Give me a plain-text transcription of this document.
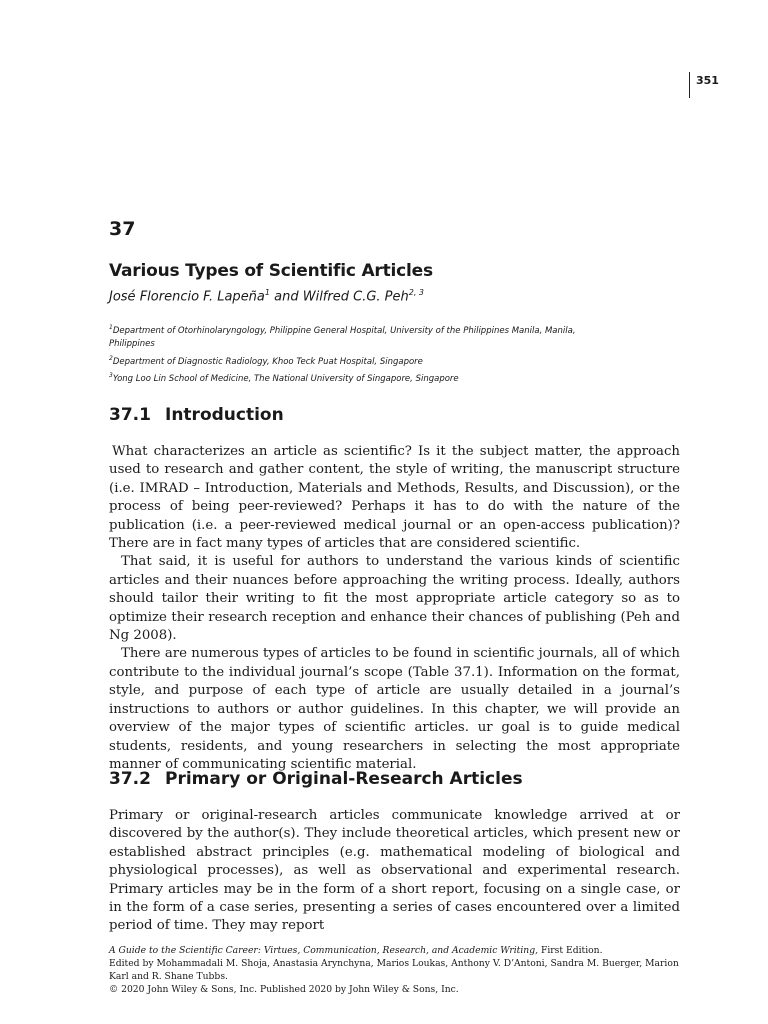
351
37
Various Types of Scientific Articles
José Florencio F. Lapeña$^1$ and Wilfred C.G. Peh$^{2, 3}$
$^1$Department of Otorhinolaryngology, Philippine General Hospital, University of the Philippines Manila, Manila, Philippines
$^2$Department of Diagnostic Radiology, Khoo Teck Puat Hospital, Singapore
$^3$Yong Loo Lin School of Medicine, The National University of Singapore, Singapore
37.1 Introduction

What characterizes an article as scientific? Is it the subject matter, the approach used to research and gather content, the style of writing, the manuscript structure (i.e. IMRAD – Introduction, Materials and Methods, Results, and Discussion), or the process of being peer-reviewed? Perhaps it has to do with the nature of the publication (i.e. a peer-reviewed medical journal or an open-access publication)? There are in fact many types of articles that are considered scientific.

That said, it is useful for authors to understand the various kinds of scientific articles and their nuances before approaching the writing process. Ideally, authors should tailor their writing to fit the most appropriate article category so as to optimize their research reception and enhance their chances of publishing (Peh and Ng 2008).

There are numerous types of articles to be found in scientific journals, all of which contribute to the individual journal’s scope (Table 37.1). Information on the format, style, and purpose of each type of article are usually detailed in a journal’s instructions to authors or author guidelines. In this chapter, we will provide an overview of the major types of scientific articles. ur goal is to guide medical students, residents, and young researchers in selecting the most appropriate manner of communicating scientific material.

37.2 Primary or Original-Research Articles

Primary or original-research articles communicate knowledge arrived at or discovered by the author(s). They include theoretical articles, which present new or established abstract principles (e.g. mathematical modeling of biological and physiological processes), as well as observational and experimental research. Primary articles may be in the form of a short report, focusing on a single case, or in the form of a case series, presenting a series of cases encountered over a limited period of time. They may report

A Guide to the Scientific Career: Virtues, Communication, Research, and Academic Writing, First Edition.
Edited by Mohammadali M. Shoja, Anastasia Arynchyna, Marios Loukas, Anthony V. D’Antoni, Sandra M. Buerger, Marion Karl and R. Shane Tubbs.
© 2020 John Wiley & Sons, Inc. Published 2020 by John Wiley & Sons, Inc.
